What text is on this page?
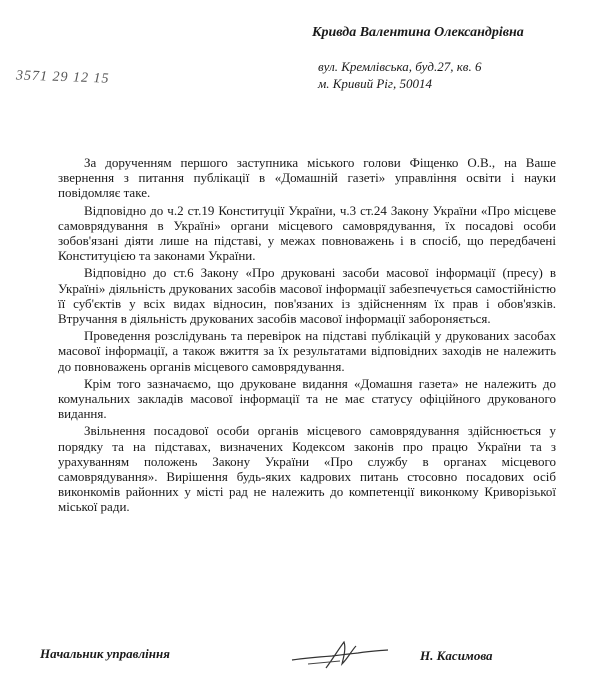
Кривда Валентина Олександрівна
вул. Кремлівська, буд.27, кв. 6
м. Кривий Ріг, 50014
3571 29 12 15

За дорученням першого заступника міського голови Фіщенко О.В., на Ваше звернення з питання публікації в «Домашній газеті» управління освіти і науки повідомляє таке.

Відповідно до ч.2 ст.19 Конституції України, ч.3 ст.24 Закону України «Про місцеве самоврядування в Україні» органи місцевого самоврядування, їх посадові особи зобов'язані діяти лише на підставі, у межах повноважень і в спосіб, що передбачені Конституцією та законами України.

Відповідно до ст.6 Закону «Про друковані засоби масової інформації (пресу) в Україні» діяльність друкованих засобів масової інформації забезпечується самостійністю її суб'єктів у всіх видах відносин, пов'язаних із здійсненням їх прав і обов'язків. Втручання в діяльність друкованих засобів масової інформації забороняється.

Проведення розслідувань та перевірок на підставі публікацій у друкованих засобах масової інформації, а також вжиття за їх результатами відповідних заходів не належить до повноважень органів місцевого самоврядування.

Крім того зазначаємо, що друковане видання «Домашня газета» не належить до комунальних закладів масової інформації та не має статусу офіційного друкованого видання.

Звільнення посадової особи органів місцевого самоврядування здійснюється у порядку та на підставах, визначених Кодексом законів про працю України та з урахуванням положень Закону України «Про службу в органах місцевого самоврядування». Вирішення будь-яких кадрових питань стосовно посадових осіб виконкомів районних у місті рад не належить до компетенції виконкому Криворізької міської ради.

Начальник управління	Н. Касимова
